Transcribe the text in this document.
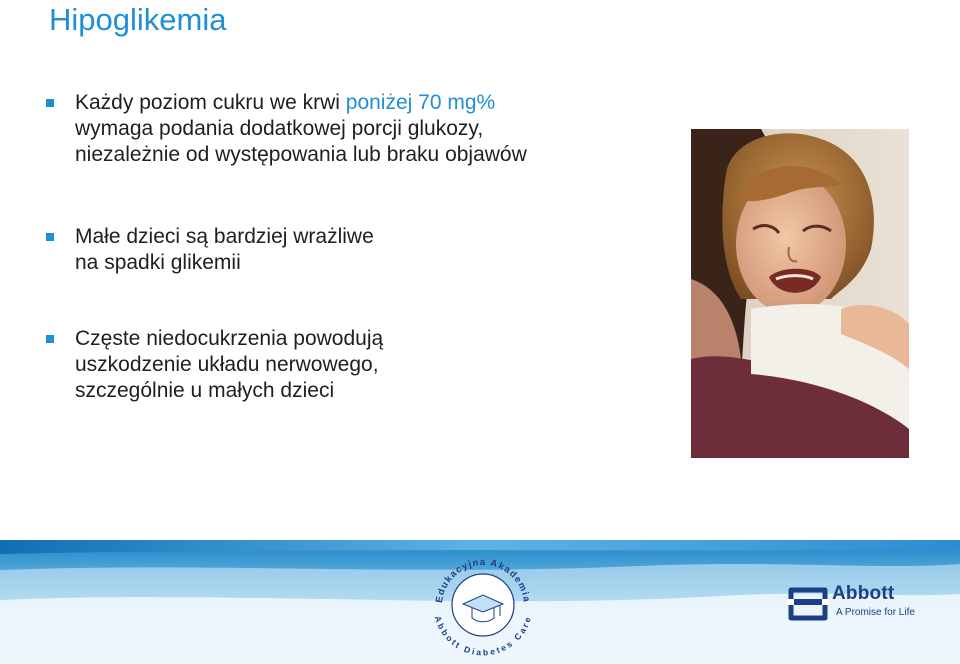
Hipoglikemia
Każdy poziom cukru we krwi poniżej 70 mg%
wymaga podania dodatkowej porcji glukozy,
niezależnie od występowania lub braku objawów
Małe dzieci są bardziej wrażliwe
na spadki glikemii
Częste niedocukrzenia powodują
uszkodzenie układu nerwowego,
szczególnie u małych dzieci
Edukacyjna Akademia
Abbott Diabetes Care
Abbott
A Promise for Life
